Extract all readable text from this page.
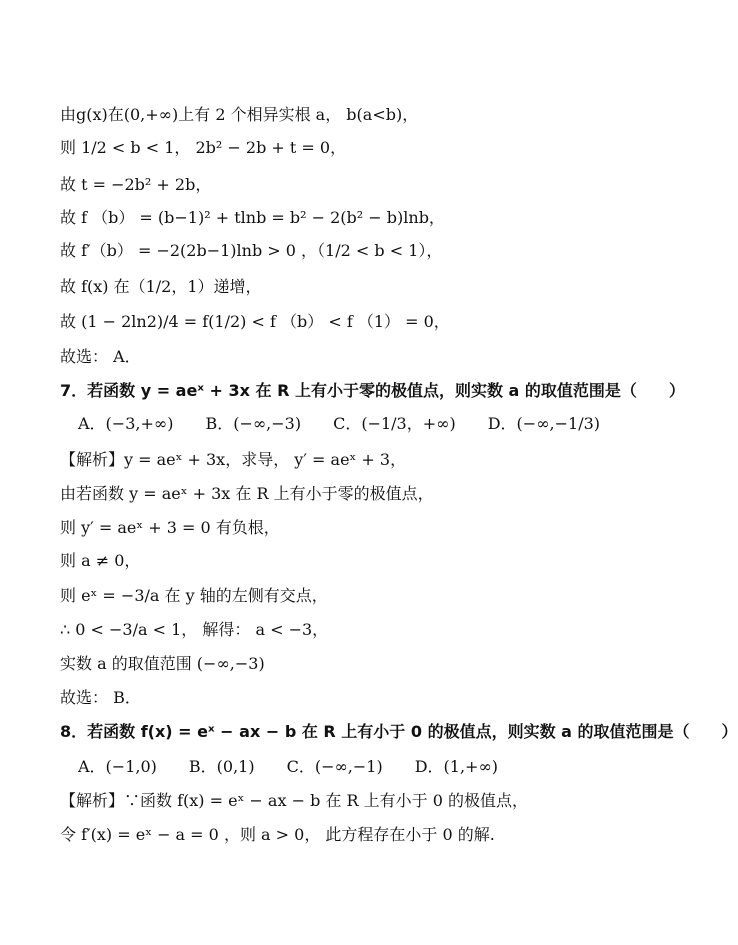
由g(x)在(0,+∞)上有 2 个相异实根 a， b(a<b)，
则 1/2 < b < 1， 2b² − 2b + t = 0，
故 t = −2b² + 2b，
故 f （b） = (b−1)² + tlnb = b² − 2(b² − b)lnb，
故 f′（b） = −2(2b−1)lnb > 0 ，（1/2 < b < 1），
故 f(x) 在（1/2，1）递增，
故 (1 − 2ln2)/4 = f(1/2) < f （b） < f （1） = 0，
故选： A．
7．若函数 y = aeˣ + 3x 在 R 上有小于零的极值点，则实数 a 的取值范围是（　　）
A．(−3,+∞)　　B．(−∞,−3)　　C．(−1/3，+∞)　　D．(−∞,−1/3)
【解析】y = aeˣ + 3x，求导， y′ = aeˣ + 3，
由若函数 y = aeˣ + 3x 在 R 上有小于零的极值点，
则 y′ = aeˣ + 3 = 0 有负根，
则 a ≠ 0，
则 eˣ = −3/a 在 y 轴的左侧有交点，
∴ 0 < −3/a < 1， 解得： a < −3，
实数 a 的取值范围 (−∞,−3)
故选： B．
8．若函数 f(x) = eˣ − ax − b 在 R 上有小于 0 的极值点，则实数 a 的取值范围是（　　）
A．(−1,0)　　B．(0,1)　　C．(−∞,−1)　　D．(1,+∞)
【解析】∵函数 f(x) = eˣ − ax − b 在 R 上有小于 0 的极值点，
令 f′(x) = eˣ − a = 0 ，则 a > 0， 此方程存在小于 0 的解.
